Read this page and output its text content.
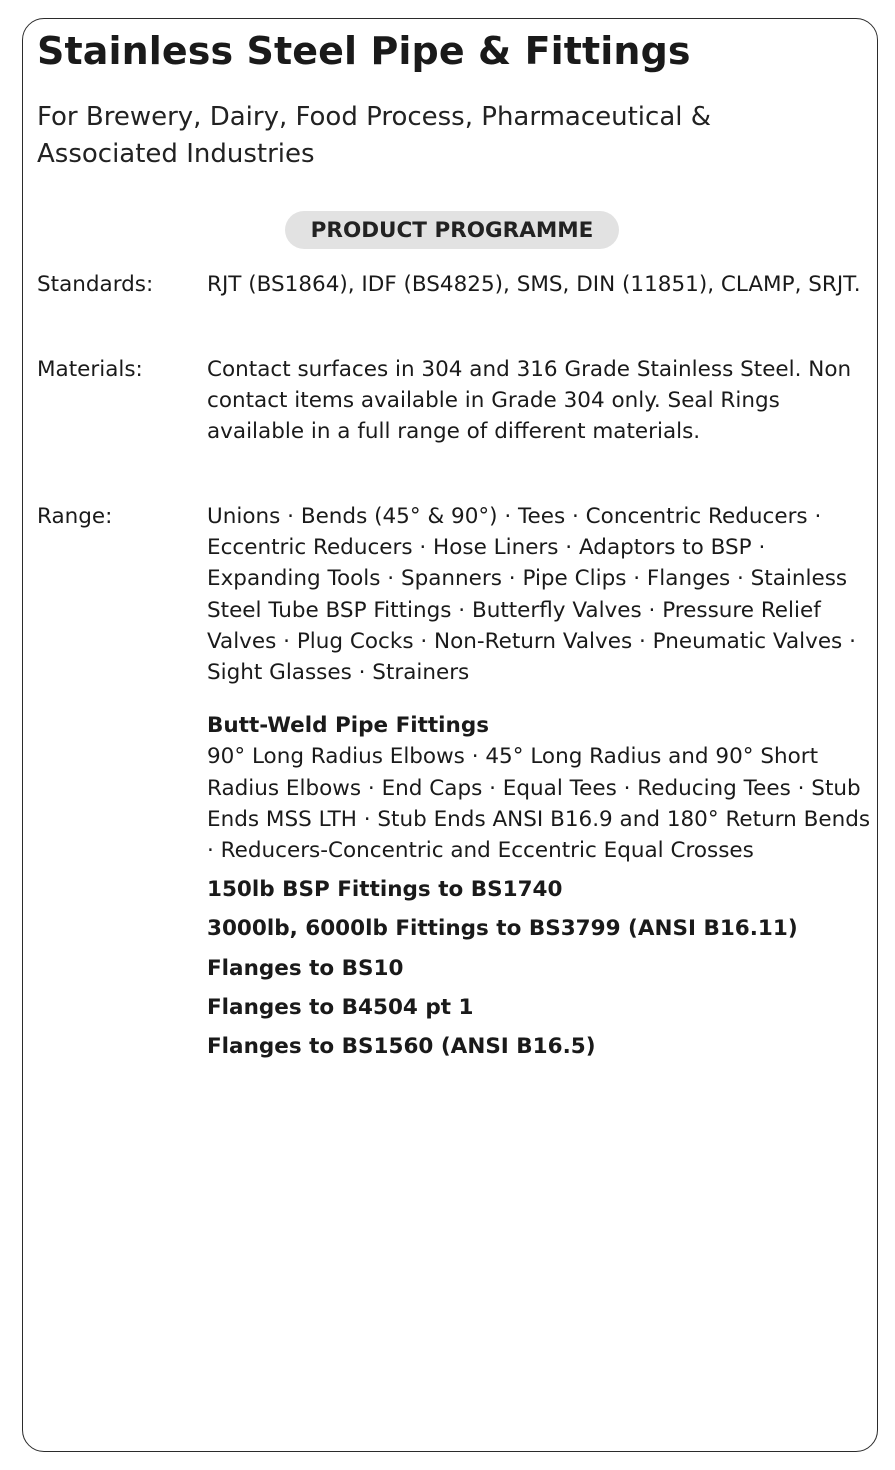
Stainless Steel Pipe & Fittings

For Brewery, Dairy, Food Process, Pharmaceutical & Associated Industries

PRODUCT PROGRAMME
Standards: RJT (BS1864), IDF (BS4825), SMS, DIN (11851), CLAMP, SRJT.
Materials:	Contact surfaces in 304 and 316 Grade Stainless Steel. Non contact items available in Grade 304 only. Seal Rings available in a full range of different materials.
Range:	Unions · Bends (45° & 90°) · Tees · Concentric Reducers · Eccentric Reducers · Hose Liners · Adaptors to BSP · Expanding Tools · Spanners · Pipe Clips · Flanges · Stainless Steel Tube BSP Fittings · Butterfly Valves · Pressure Relief Valves · Plug Cocks · Non-Return Valves · Pneumatic Valves · Sight Glasses · Strainers

Butt-Weld Pipe Fittings

90° Long Radius Elbows · 45° Long Radius and 90° Short Radius Elbows · End Caps · Equal Tees · Reducing Tees · Stub Ends MSS LTH · Stub Ends ANSI B16.9 and 180° Return Bends · Reducers-Concentric and Eccentric Equal Crosses

150lb BSP Fittings to BS1740

3000lb, 6000lb Fittings to BS3799 (ANSI B16.11)

Flanges to BS10

Flanges to B4504 pt 1

Flanges to BS1560 (ANSI B16.5)
